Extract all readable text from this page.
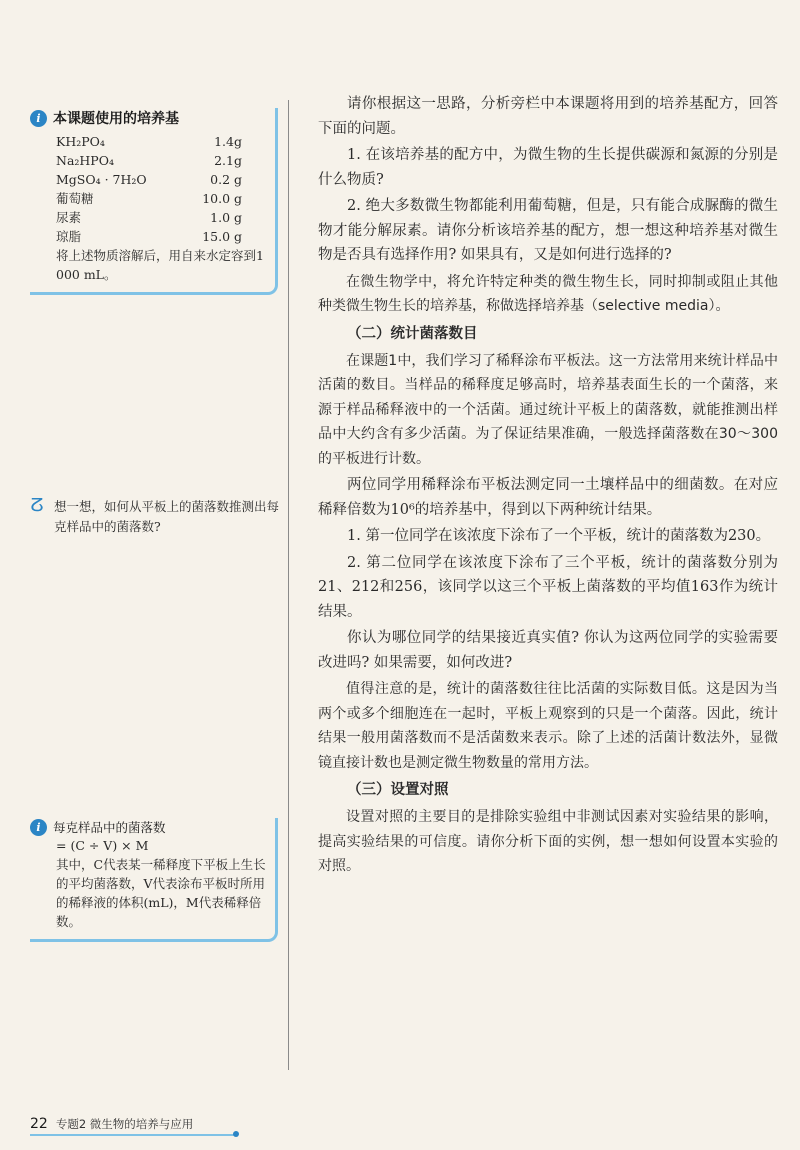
i 本课题使用的培养基
KH₂PO₄	1.4g
Na₂HPO₄	2.1g
MgSO₄ · 7H₂O	0.2 g
葡萄糖	10.0 g
尿素	1.0 g
琼脂	15.0 g
将上述物质溶解后，用自来水定容到1 000 mL。
ⵒ 想一想，如何从平板上的菌落数推测出每克样品中的菌落数?
i 每克样品中的菌落数
= (C ÷ V) × M
其中，C代表某一稀释度下平板上生长的平均菌落数，V代表涂布平板时所用的稀释液的体积(mL)，M代表稀释倍数。

请你根据这一思路，分析旁栏中本课题将用到的培养基配方，回答下面的问题。

1. 在该培养基的配方中，为微生物的生长提供碳源和氮源的分别是什么物质?

2. 绝大多数微生物都能利用葡萄糖，但是，只有能合成脲酶的微生物才能分解尿素。请你分析该培养基的配方，想一想这种培养基对微生物是否具有选择作用? 如果具有，又是如何进行选择的?

在微生物学中，将允许特定种类的微生物生长，同时抑制或阻止其他种类微生物生长的培养基，称做选择培养基（selective media）。

（二）统计菌落数目

在课题1中，我们学习了稀释涂布平板法。这一方法常用来统计样品中活菌的数目。当样品的稀释度足够高时，培养基表面生长的一个菌落，来源于样品稀释液中的一个活菌。通过统计平板上的菌落数，就能推测出样品中大约含有多少活菌。为了保证结果准确，一般选择菌落数在30～300的平板进行计数。

两位同学用稀释涂布平板法测定同一土壤样品中的细菌数。在对应稀释倍数为10⁶的培养基中，得到以下两种统计结果。

1. 第一位同学在该浓度下涂布了一个平板，统计的菌落数为230。

2. 第二位同学在该浓度下涂布了三个平板，统计的菌落数分别为21、212和256，该同学以这三个平板上菌落数的平均值163作为统计结果。

你认为哪位同学的结果接近真实值? 你认为这两位同学的实验需要改进吗? 如果需要，如何改进?

值得注意的是，统计的菌落数往往比活菌的实际数目低。这是因为当两个或多个细胞连在一起时，平板上观察到的只是一个菌落。因此，统计结果一般用菌落数而不是活菌数来表示。除了上述的活菌计数法外，显微镜直接计数也是测定微生物数量的常用方法。

（三）设置对照

设置对照的主要目的是排除实验组中非测试因素对实验结果的影响，提高实验结果的可信度。请你分析下面的实例，想一想如何设置本实验的对照。

22 专题2 微生物的培养与应用
